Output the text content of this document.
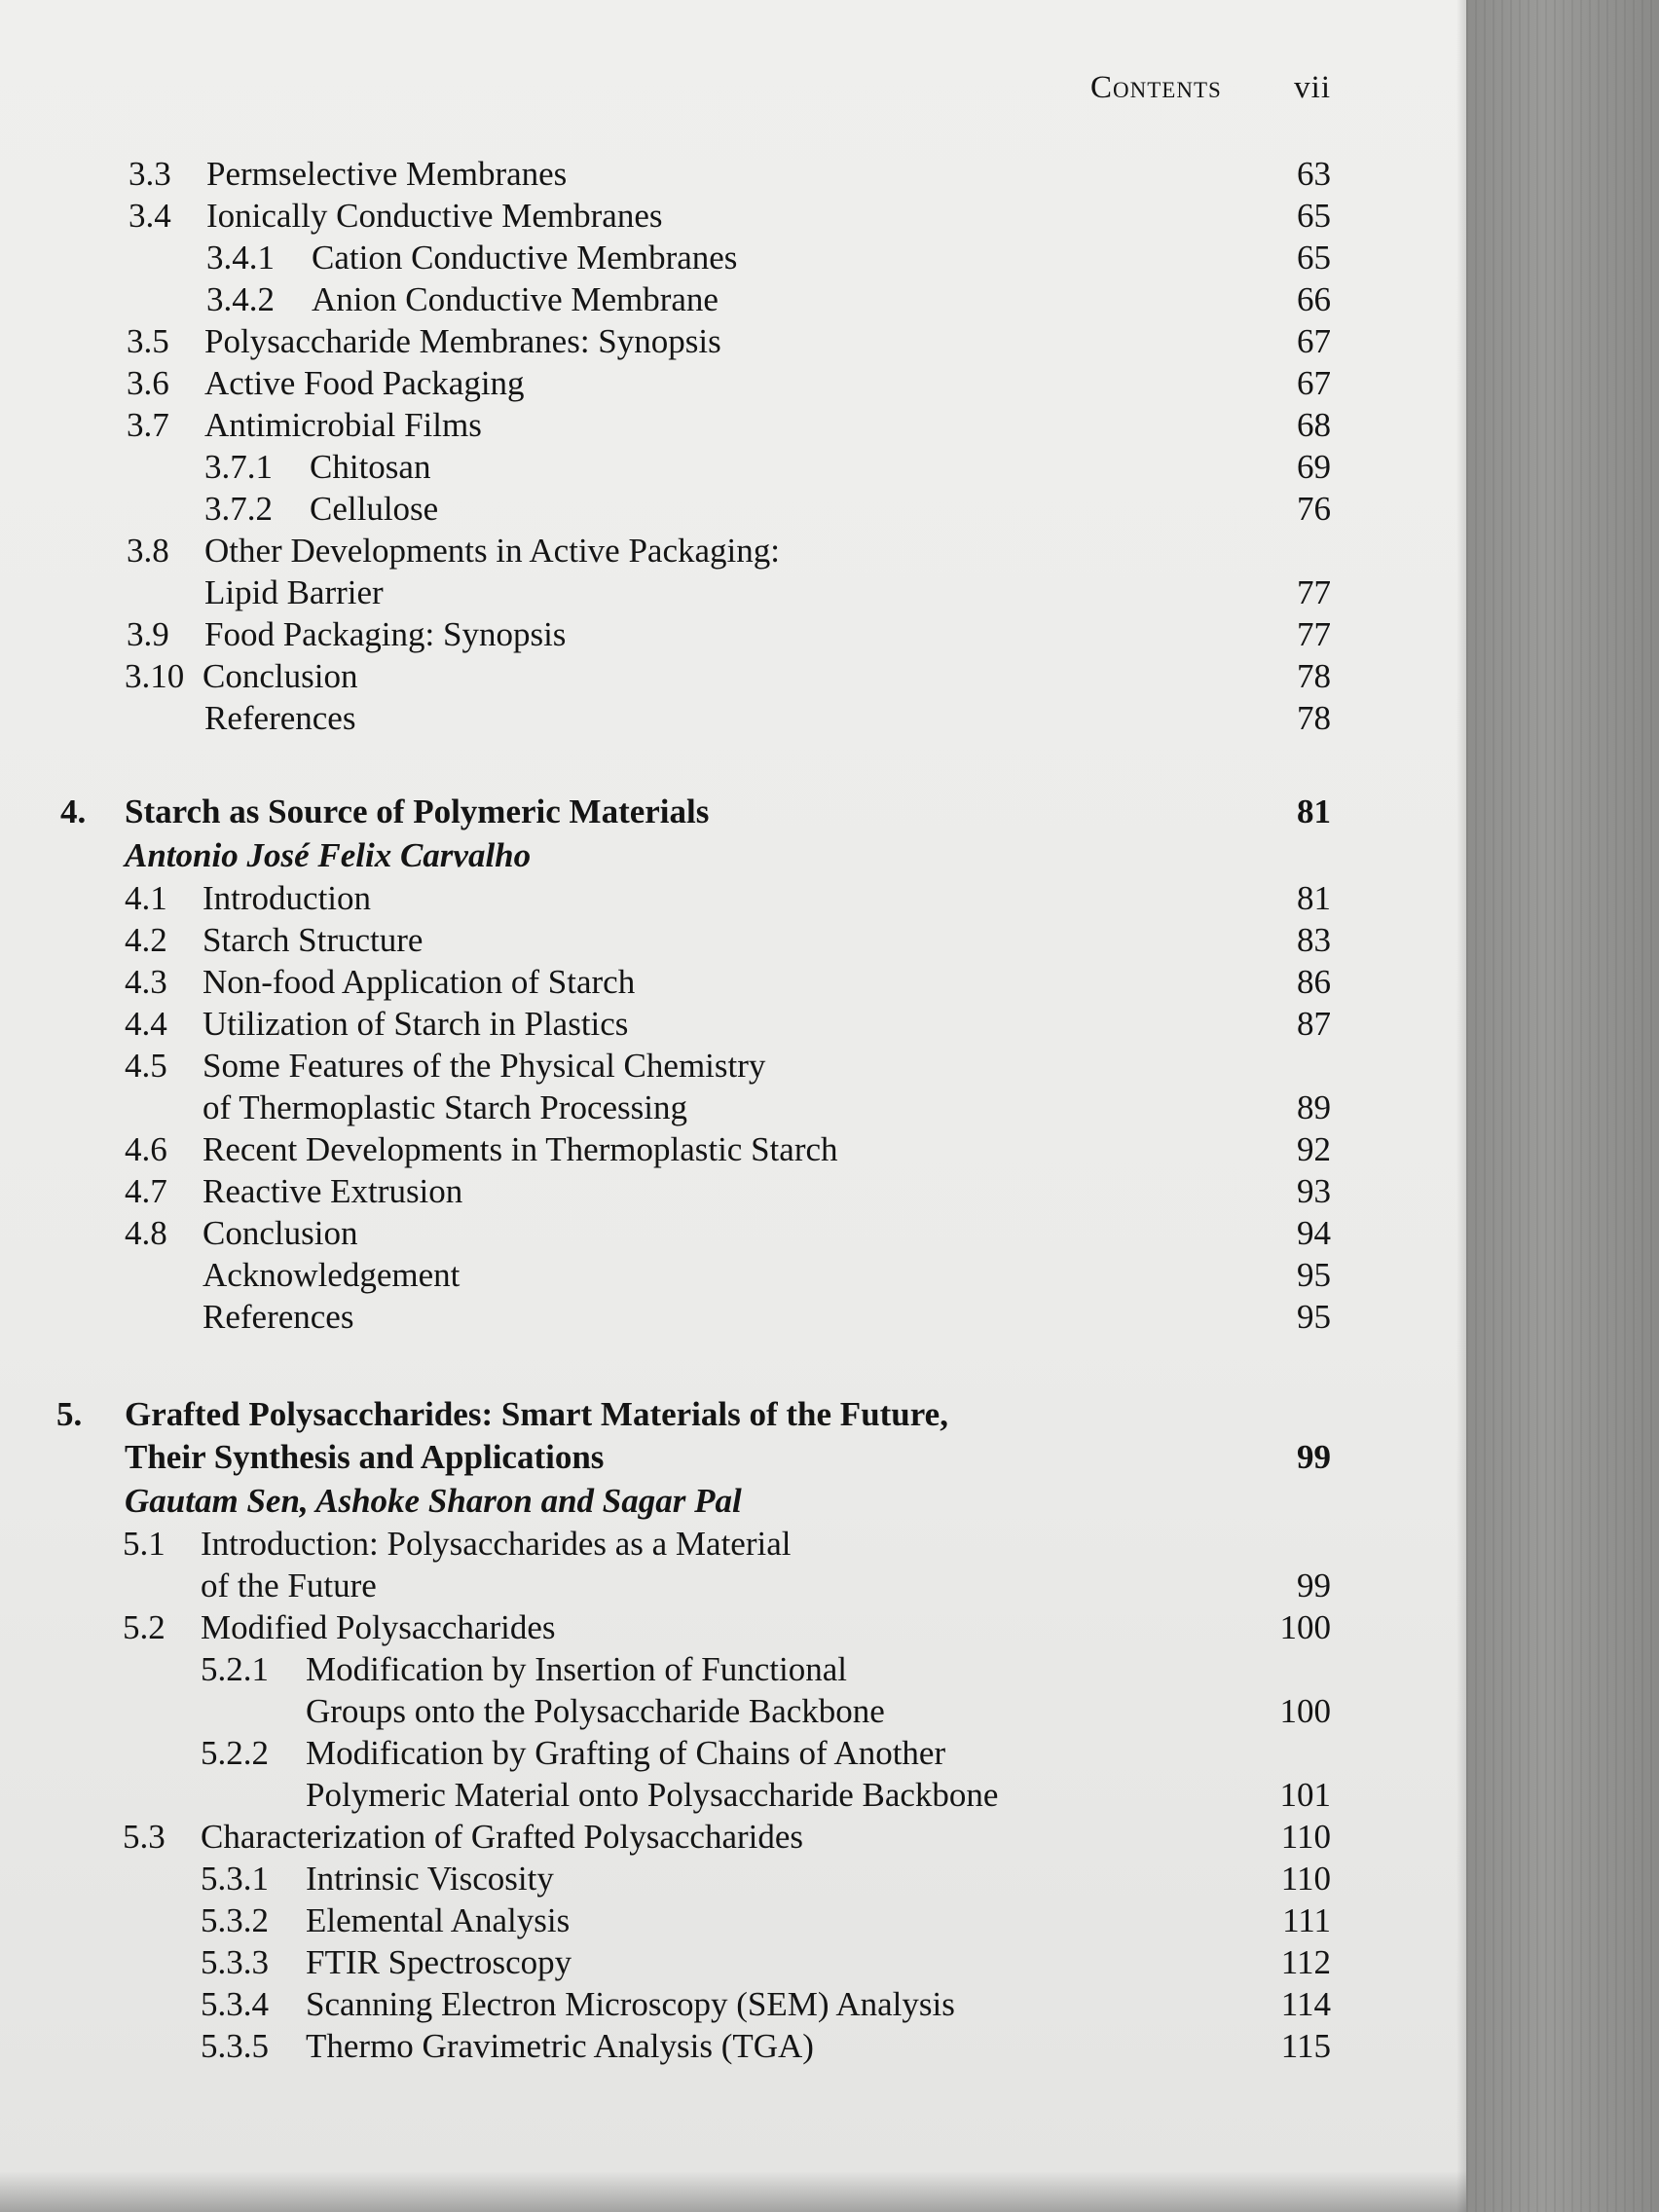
Contents vii
3.3 Permselective Membranes	63
3.4 Ionically Conductive Membranes	65
3.4.1 Cation Conductive Membranes	65
3.4.2 Anion Conductive Membrane	66
3.5 Polysaccharide Membranes: Synopsis	67
3.6 Active Food Packaging	67
3.7 Antimicrobial Films	68
3.7.1 Chitosan	69
3.7.2 Cellulose	76
3.8 Other Developments in Active Packaging:
Lipid Barrier	77
3.9 Food Packaging: Synopsis	77
3.10 Conclusion	78
References	78
4. Starch as Source of Polymeric Materials	81
Antonio José Felix Carvalho
4.1 Introduction	81
4.2 Starch Structure	83
4.3 Non-food Application of Starch	86
4.4 Utilization of Starch in Plastics	87
4.5 Some Features of the Physical Chemistry
of Thermoplastic Starch Processing	89
4.6 Recent Developments in Thermoplastic Starch	92
4.7 Reactive Extrusion	93
4.8 Conclusion	94
Acknowledgement	95
References	95
5. Grafted Polysaccharides: Smart Materials of the Future,
Their Synthesis and Applications	99
Gautam Sen, Ashoke Sharon and Sagar Pal
5.1 Introduction: Polysaccharides as a Material
of the Future	99
5.2 Modified Polysaccharides	100
5.2.1 Modification by Insertion of Functional
Groups onto the Polysaccharide Backbone	100
5.2.2 Modification by Grafting of Chains of Another
Polymeric Material onto Polysaccharide Backbone	101
5.3 Characterization of Grafted Polysaccharides	110
5.3.1 Intrinsic Viscosity	110
5.3.2 Elemental Analysis	111
5.3.3 FTIR Spectroscopy	112
5.3.4 Scanning Electron Microscopy (SEM) Analysis	114
5.3.5 Thermo Gravimetric Analysis (TGA)	115
